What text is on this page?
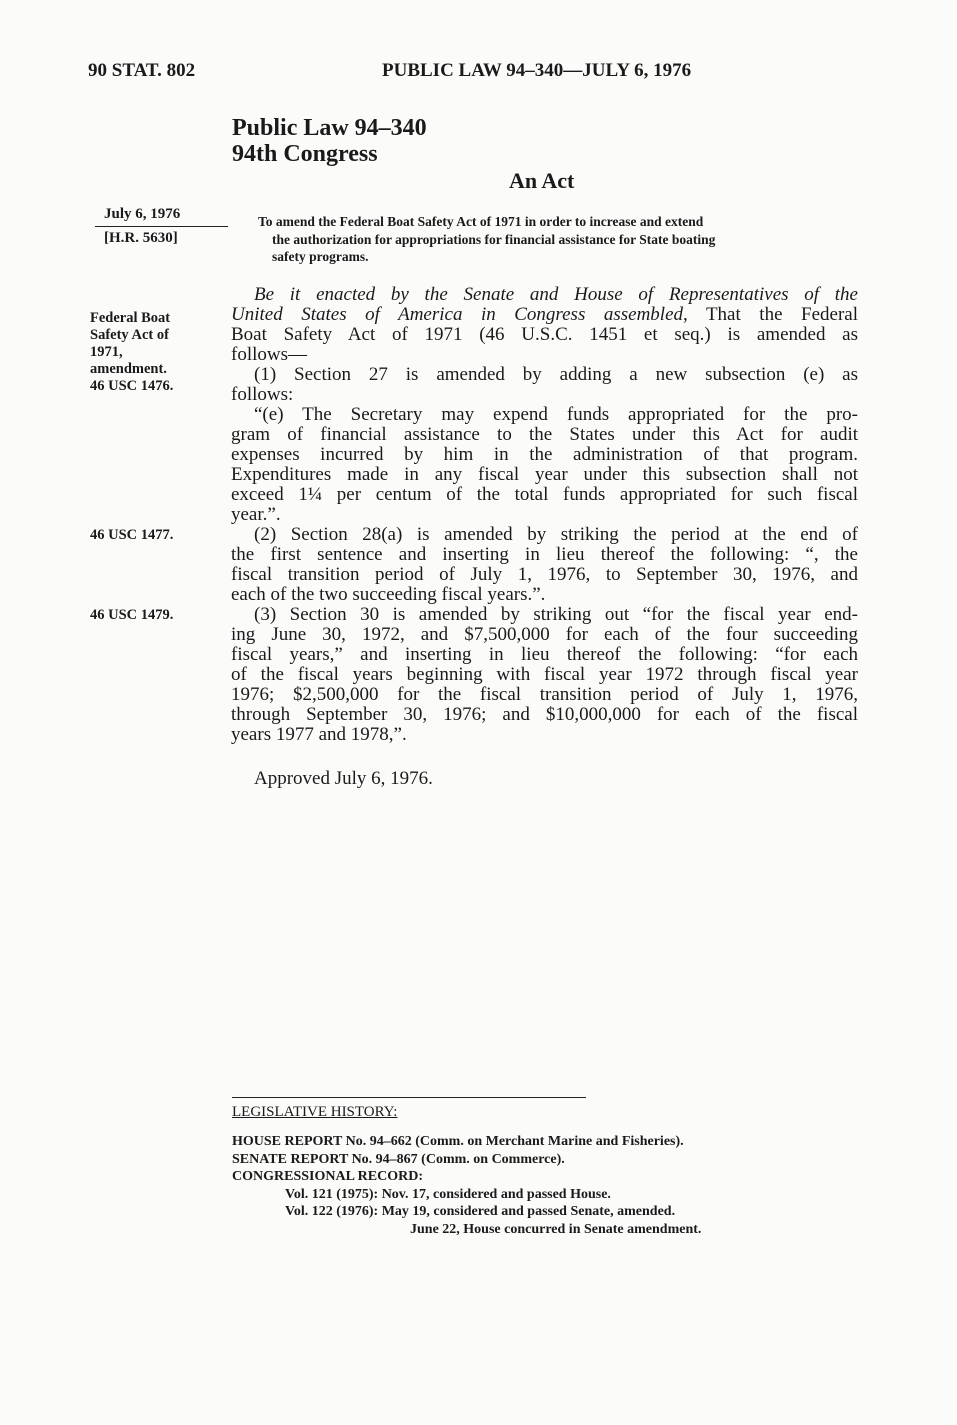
90 STAT. 802	PUBLIC LAW 94–340—JULY 6, 1976
Public Law 94–340
94th Congress
An Act
July 6, 1976
[H.R. 5630]
To amend the Federal Boat Safety Act of 1971 in order to increase and extend
the authorization for appropriations for financial assistance for State boating
safety programs.
Be it enacted by the Senate and House of Representatives of the
United States of America in Congress assembled, That the Federal
Boat Safety Act of 1971 (46 U.S.C. 1451 et seq.) is amended as
follows—
(1) Section 27 is amended by adding a new subsection (e) as
follows:
“(e) The Secretary may expend funds appropriated for the pro-
gram of financial assistance to the States under this Act for audit
expenses incurred by him in the administration of that program.
Expenditures made in any fiscal year under this subsection shall not
exceed 1¼ per centum of the total funds appropriated for such fiscal
year.”.
(2) Section 28(a) is amended by striking the period at the end of
the first sentence and inserting in lieu thereof the following: “, the
fiscal transition period of July 1, 1976, to September 30, 1976, and
each of the two succeeding fiscal years.”.
(3) Section 30 is amended by striking out “for the fiscal year end-
ing June 30, 1972, and $7,500,000 for each of the four succeeding
fiscal years,” and inserting in lieu thereof the following: “for each
of the fiscal years beginning with fiscal year 1972 through fiscal year
1976; $2,500,000 for the fiscal transition period of July 1, 1976,
through September 30, 1976; and $10,000,000 for each of the fiscal
years 1977 and 1978,”.
Federal Boat
Safety Act of
1971,
amendment.
46 USC 1476.
46 USC 1477.
46 USC 1479.
Approved July 6, 1976.
LEGISLATIVE HISTORY:
HOUSE REPORT No. 94–662 (Comm. on Merchant Marine and Fisheries).
SENATE REPORT No. 94–867 (Comm. on Commerce).
CONGRESSIONAL RECORD:
Vol. 121 (1975): Nov. 17, considered and passed House.
Vol. 122 (1976): May 19, considered and passed Senate, amended.
June 22, House concurred in Senate amendment.
